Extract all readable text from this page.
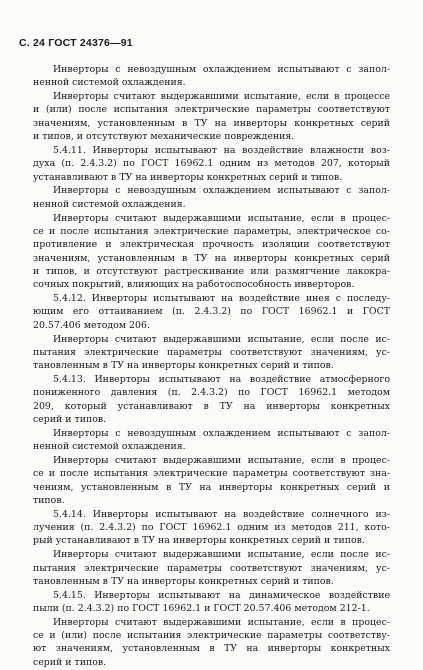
С. 24 ГОСТ 24376—91
Инверторы с невоздушным охлаждением испытывают с запол-
ненной системой охлаждения.
Инверторы считают выдержавшими испытание, если в процессе
и (или) после испытания электрические параметры соответствуют
значениям, установленным в ТУ на инверторы конкретных серий
и типов, и отсутствуют механические повреждения.
5.4.11. Инверторы испытывают на воздействие влажности воз-
духа (п. 2.4.3.2) по ГОСТ 16962.1 одним из методов 207, который
устанавливают в ТУ на инверторы конкретных серий и типов.
Инверторы с невоздушным охлаждением испытывают с запол-
ненной системой охлаждения.
Инверторы считают выдержавшими испытание, если в процес-
се и после испытания электрические параметры, электрическое со-
противление и электрическая прочность изоляции соответствуют
значениям, установленным в ТУ на инверторы конкретных серий
и типов, и отсутствуют растрескивание или размягчение лакокра-
сочных покрытий, влияющих на работоспособность инверторов.
5.4.12. Инверторы испытывают на воздействие инея с последу-
ющим его оттаиванием (п. 2.4.3.2) по ГОСТ 16962.1 и ГОСТ
20.57.406 методом 206.
Инверторы считают выдержавшими испытание, если после ис-
пытания электрические параметры соответствуют значениям, ус-
тановленным в ТУ на инверторы конкретных серий и типов.
5.4.13. Инверторы испытывают на воздействие атмосферного
пониженного давления (п. 2.4.3.2) по ГОСТ 16962.1 методом
209, который устанавливают в ТУ на инверторы конкретных
серий и типов.
Инверторы с невоздушным охлаждением испытывают с запол-
ненной системой охлаждения.
Инверторы считают выдержавшими испытание, если в процес-
се и после испытания электрические параметры соответствуют зна-
чениям, установленным в ТУ на инверторы конкретных серий и
типов.
5.4.14. Инверторы испытывают на воздействие солнечного из-
лучения (п. 2.4.3.2) по ГОСТ 16962.1 одним из методов 211, кото-
рый устанавливают в ТУ на инверторы конкретных серий и типов.
Инверторы считают выдержавшими испытание, если после ис-
пытания электрические параметры соответствуют значениям, ус-
тановленным в ТУ на инверторы конкретных серий и типов.
5.4.15. Инверторы испытывают на динамическое воздействие
пыли (п. 2.4.3.2) по ГОСТ 16962.1 и ГОСТ 20.57.406 методом 212-1.
Инверторы считают выдержавшими испытание, если в процес-
се и (или) после испытания электрические параметры соответству-
ют значениям, установленным в ТУ на инверторы конкретных
серий и типов.
